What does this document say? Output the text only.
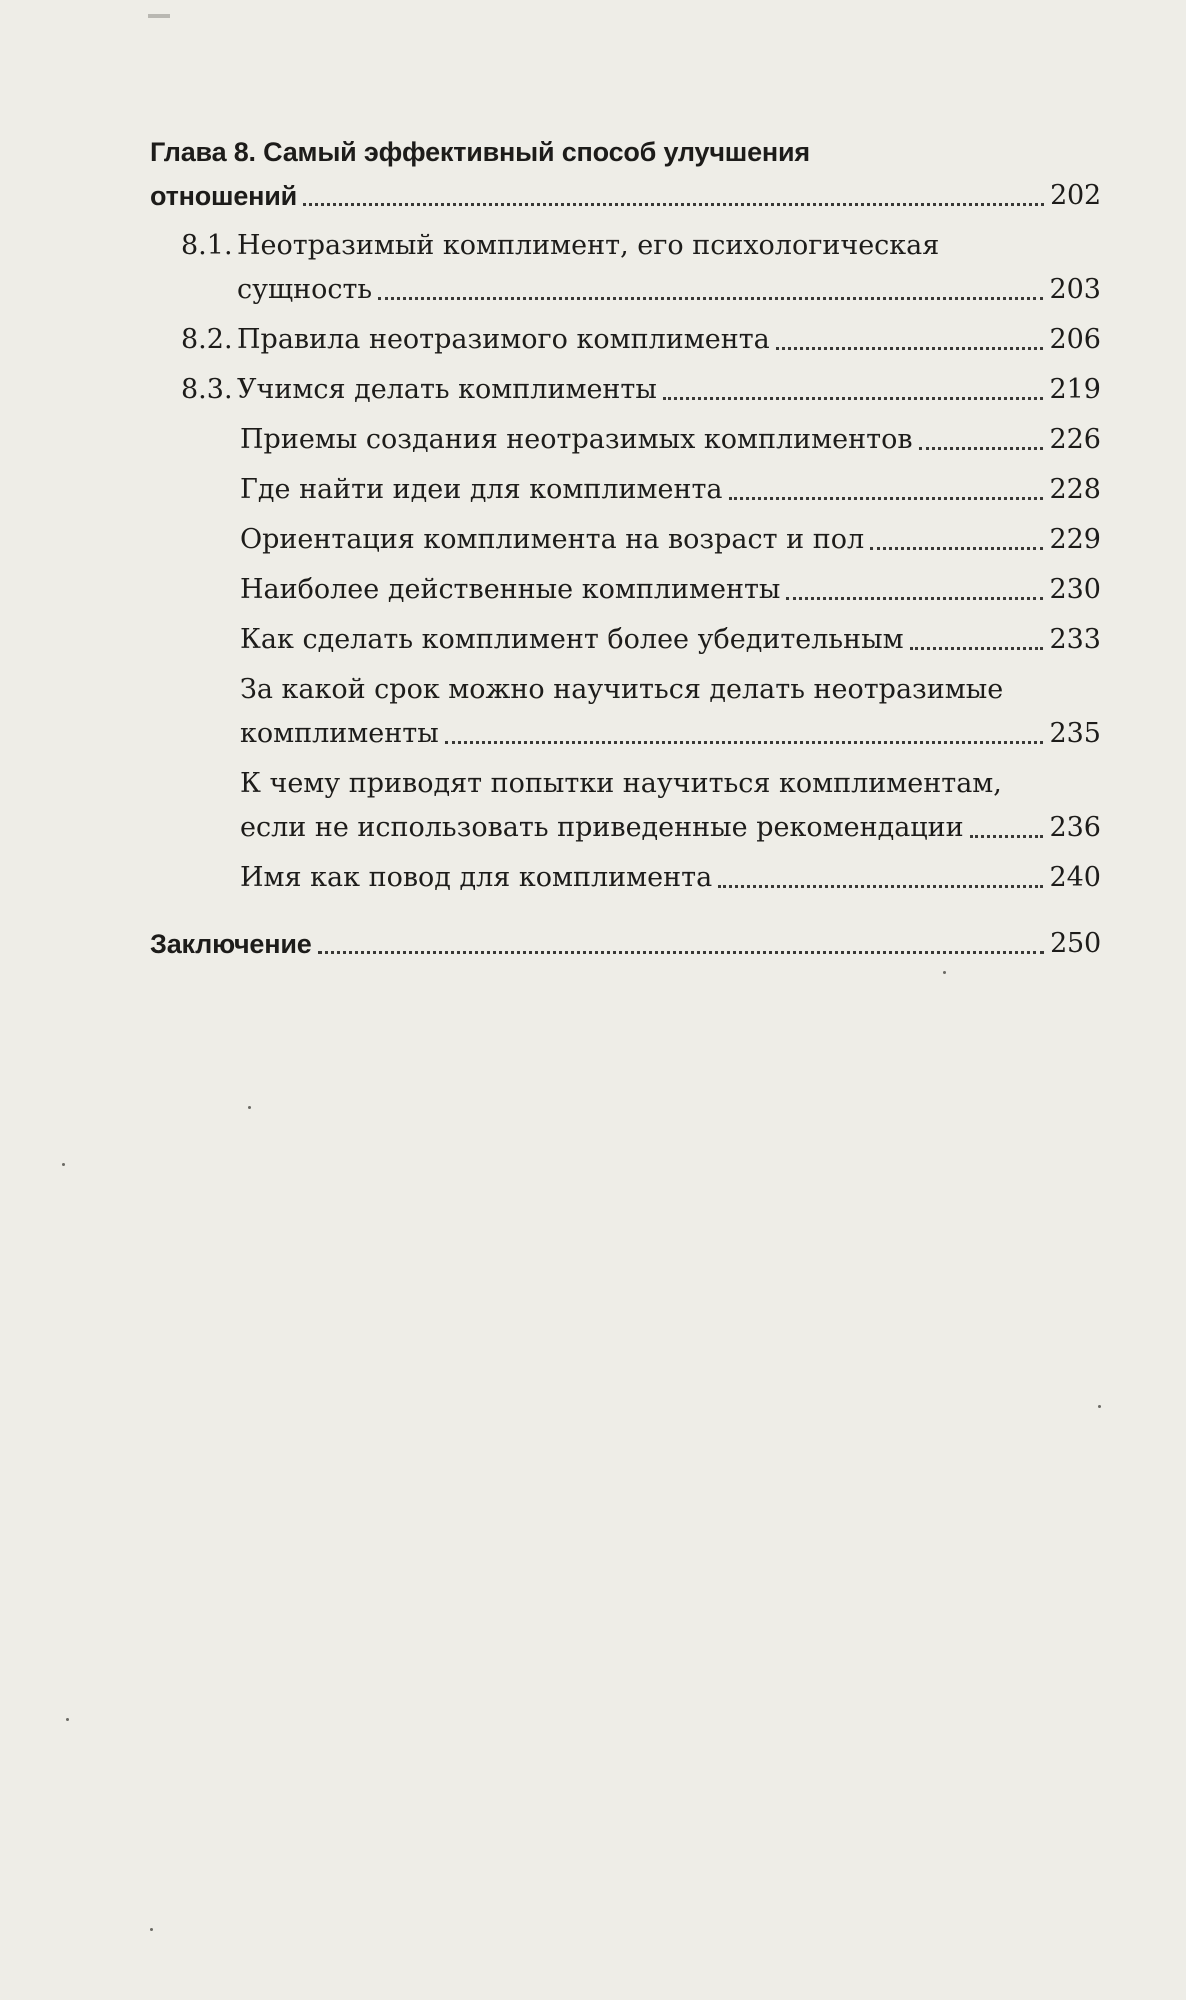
Глава 8. Самый эффективный способ улучшения
отношений	202
8.1. Неотразимый комплимент, его психологическая
сущность	203
8.2. Правила неотразимого комплимента	206
8.3. Учимся делать комплименты	219
Приемы создания неотразимых комплиментов	226
Где найти идеи для комплимента	228
Ориентация комплимента на возраст и пол	229
Наиболее действенные комплименты	230
Как сделать комплимент более убедительным	233
За какой срок можно научиться делать неотразимые
комплименты	235
К чему приводят попытки научиться комплиментам,
если не использовать приведенные рекомендации	236
Имя как повод для комплимента	240
Заключение	250
